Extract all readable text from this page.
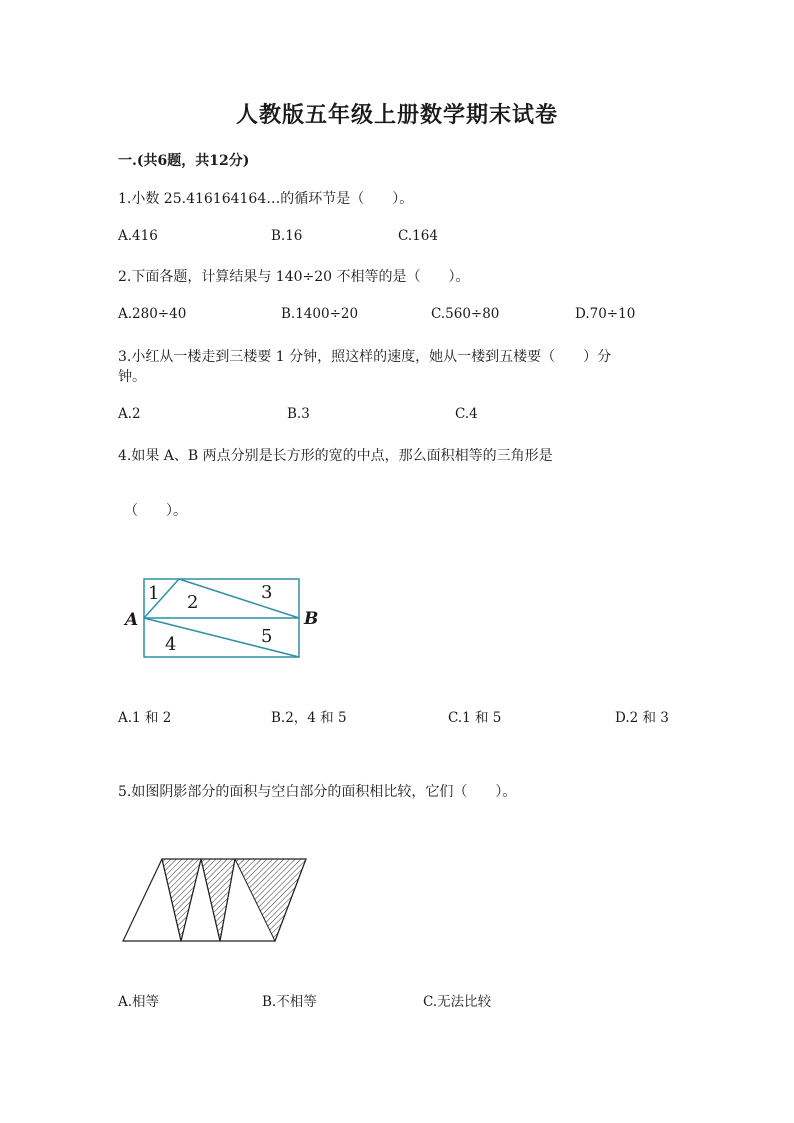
人教版五年级上册数学期末试卷
一.(共6题，共12分)
1.小数 25.416164164…的循环节是（　　）。
A.416	B.16	C.164
2.下面各题，计算结果与 140÷20 不相等的是（　　）。
A.280÷40	B.1400÷20	C.560÷80	D.70÷10
3.小红从一楼走到三楼要 1 分钟，照这样的速度，她从一楼到五楼要（　　）分
钟。
A.2	B.3	C.4
4.如果 A、B 两点分别是长方形的宽的中点，那么面积相等的三角形是
（　　）。
A	B
1 2	3
4	5
A.1 和 2	B.2，4 和 5	C.1 和 5	D.2 和 3
5.如图阴影部分的面积与空白部分的面积相比较，它们（　　）。
A.相等	B.不相等	C.无法比较
